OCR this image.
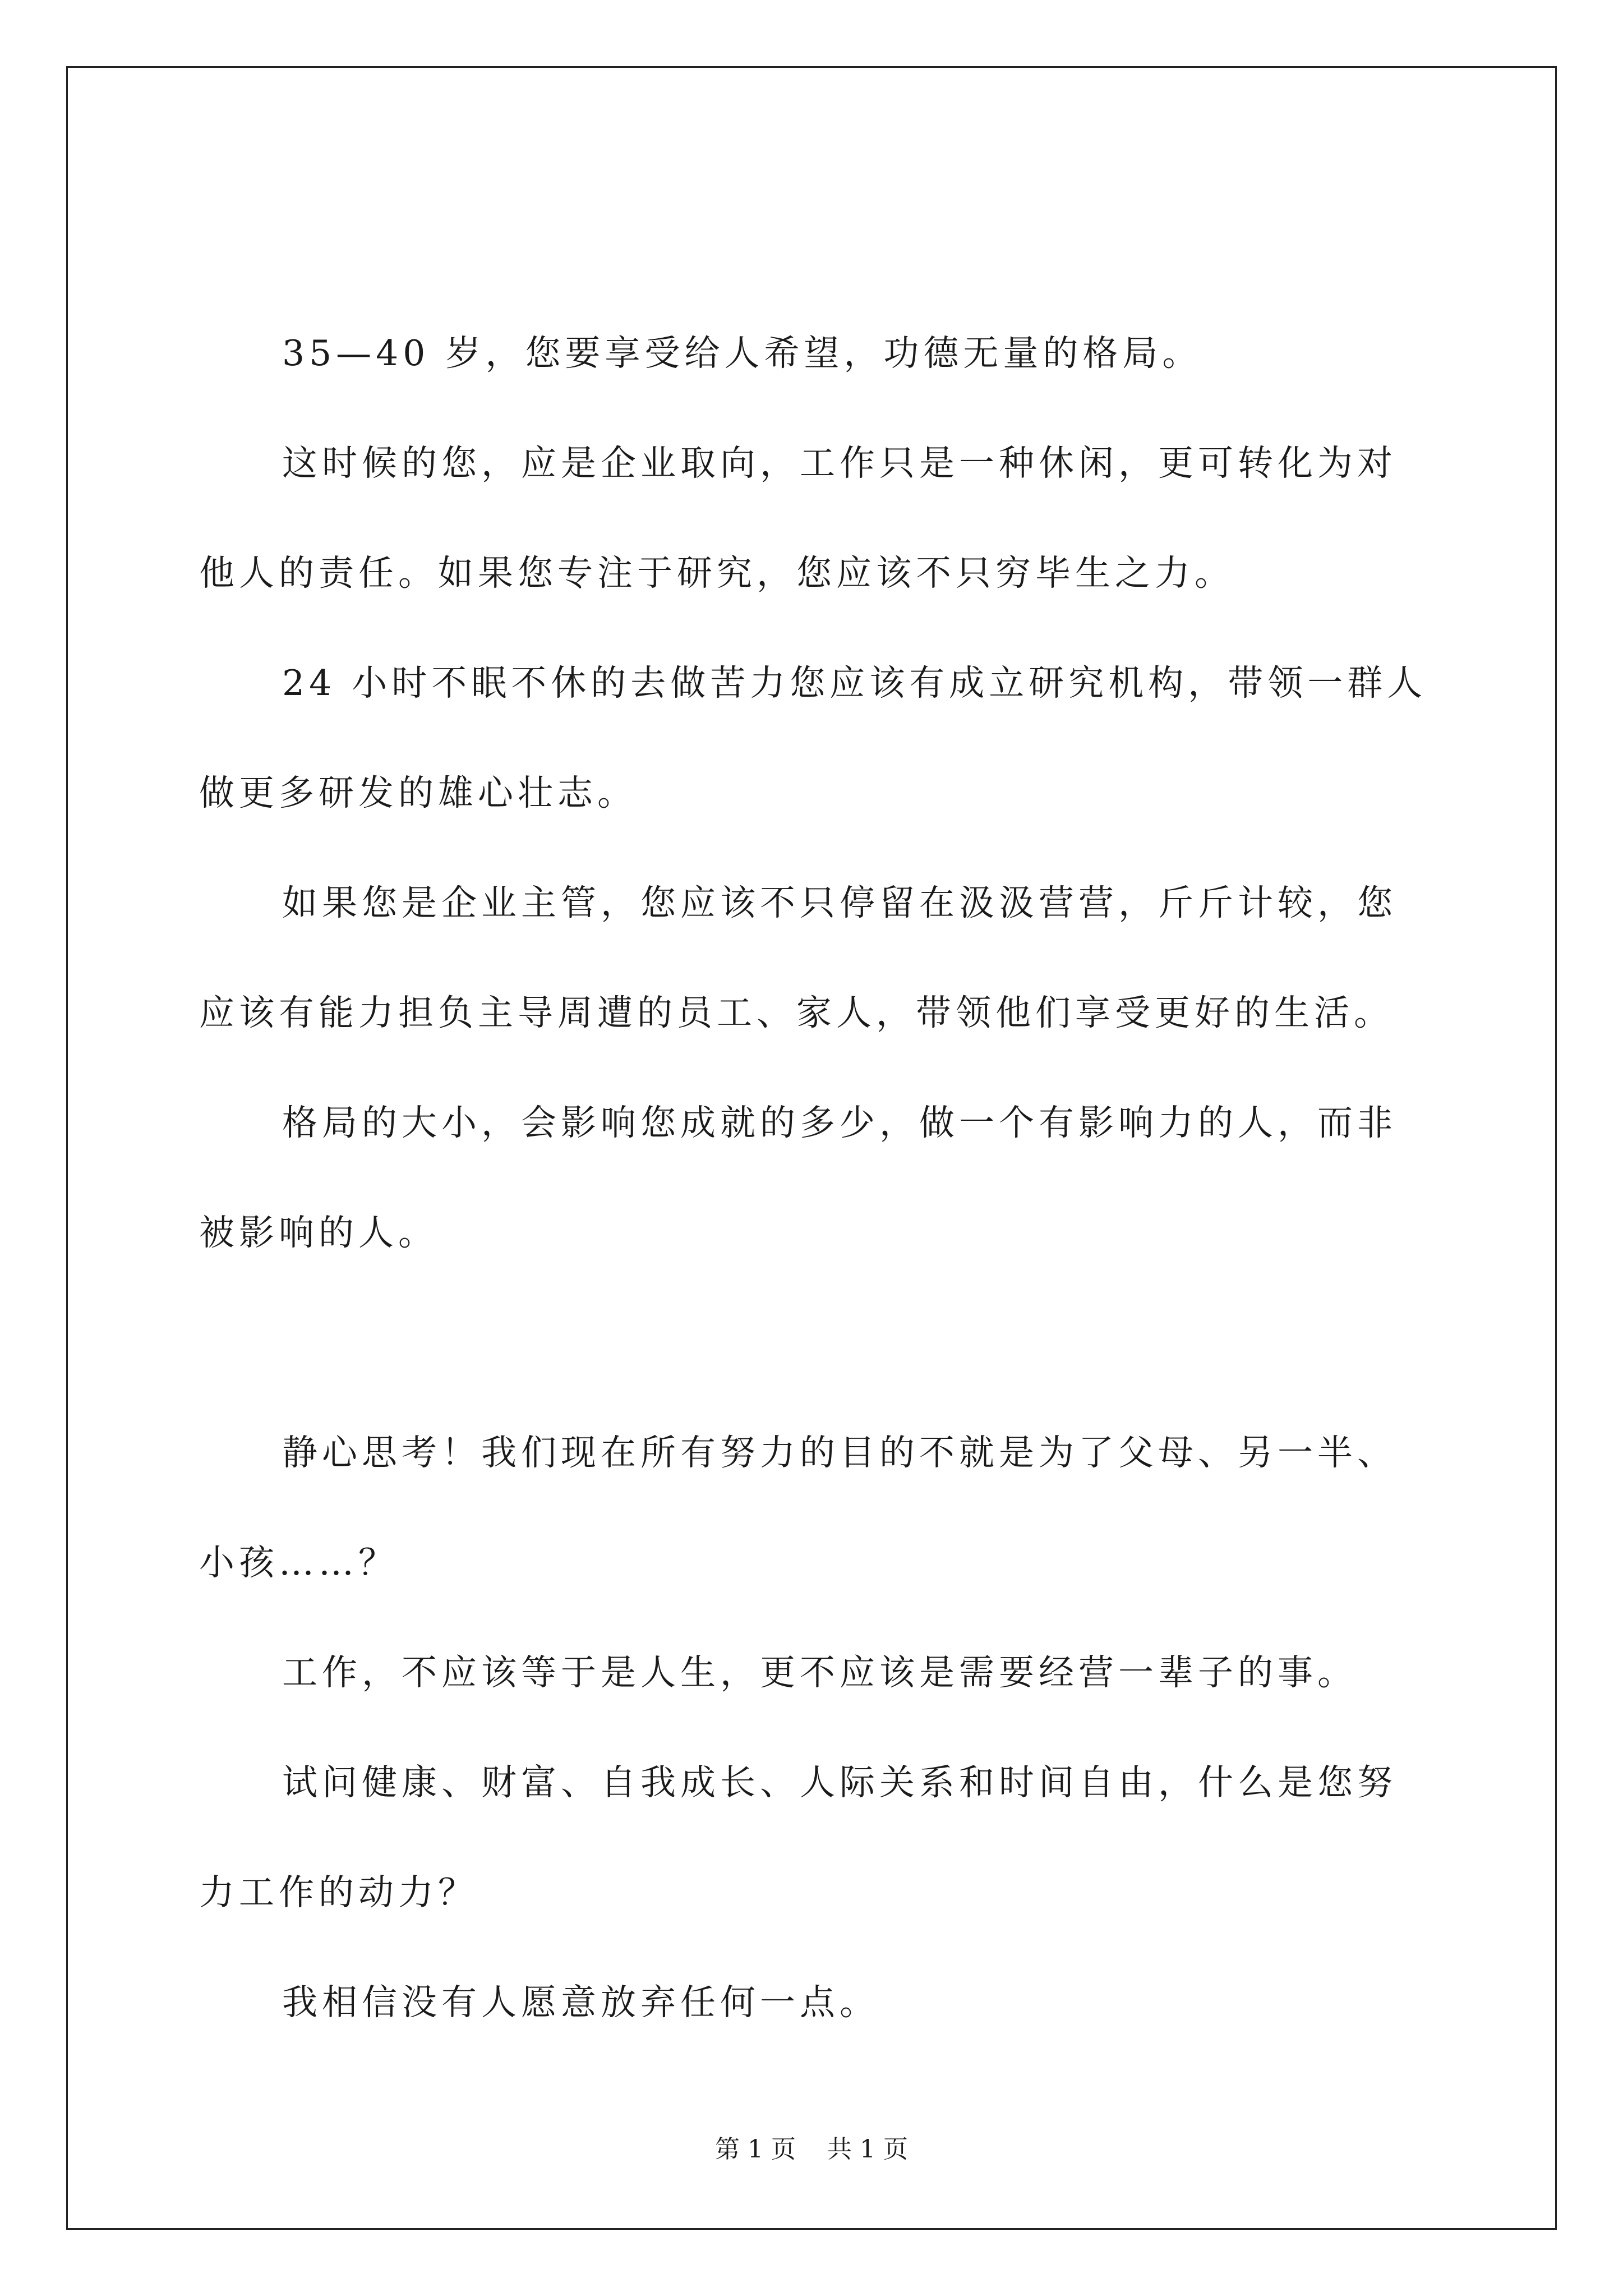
35—40 岁，您要享受给人希望，功德无量的格局。
这时候的您，应是企业取向，工作只是一种休闲，更可转化为对
他人的责任。如果您专注于研究，您应该不只穷毕生之力。
24 小时不眠不休的去做苦力您应该有成立研究机构，带领一群人
做更多研发的雄心壮志。
如果您是企业主管，您应该不只停留在汲汲营营，斤斤计较，您
应该有能力担负主导周遭的员工、家人，带领他们享受更好的生活。
格局的大小，会影响您成就的多少，做一个有影响力的人，而非
被影响的人。
静心思考！我们现在所有努力的目的不就是为了父母、另一半、
小孩……？
工作，不应该等于是人生，更不应该是需要经营一辈子的事。
试问健康、财富、自我成长、人际关系和时间自由，什么是您努
力工作的动力？
我相信没有人愿意放弃任何一点。
第 1 页 共 1 页
